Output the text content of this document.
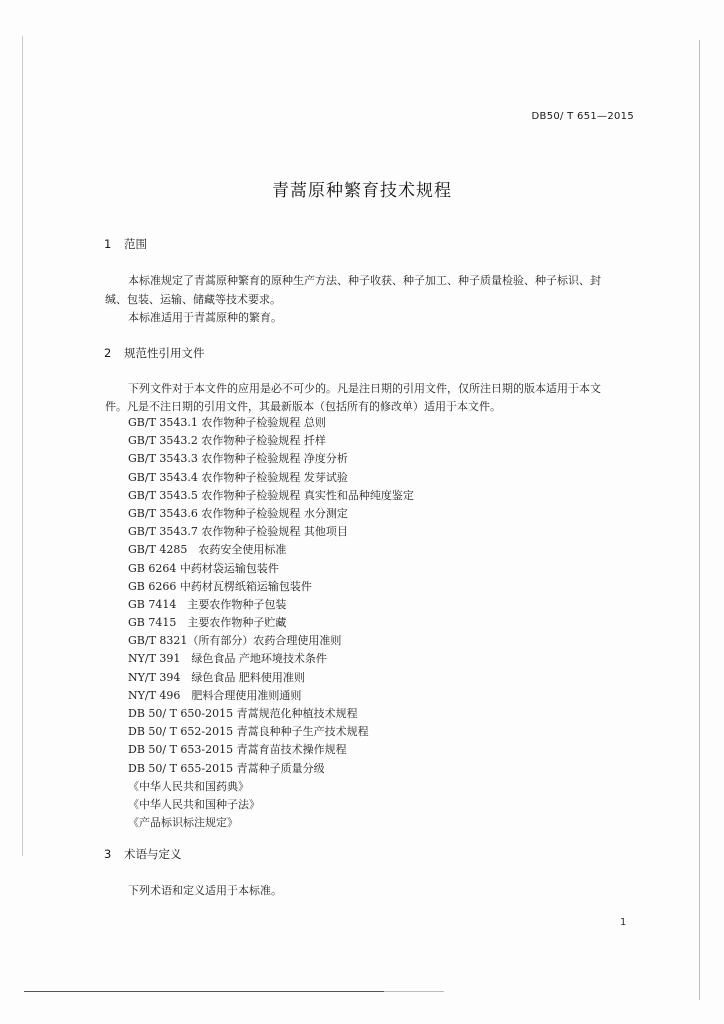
DB50/ T 651—2015
青蒿原种繁育技术规程
1 范围
本标准规定了青蒿原种繁育的原种生产方法、种子收获、种子加工、种子质量检验、种子标识、封
缄、包装、运输、储藏等技术要求。
本标准适用于青蒿原种的繁育。
2 规范性引用文件
下列文件对于本文件的应用是必不可少的。凡是注日期的引用文件，仅所注日期的版本适用于本文
件。凡是不注日期的引用文件，其最新版本（包括所有的修改单）适用于本文件。
GB/T 3543.1 农作物种子检验规程 总则
GB/T 3543.2 农作物种子检验规程 扦样
GB/T 3543.3 农作物种子检验规程 净度分析
GB/T 3543.4 农作物种子检验规程 发芽试验
GB/T 3543.5 农作物种子检验规程 真实性和品种纯度鉴定
GB/T 3543.6 农作物种子检验规程 水分测定
GB/T 3543.7 农作物种子检验规程 其他项目
GB/T 4285　农药安全使用标准
GB 6264 中药材袋运输包装件
GB 6266 中药材瓦楞纸箱运输包装件
GB 7414　主要农作物种子包装
GB 7415　主要农作物种子贮藏
GB/T 8321（所有部分）农药合理使用准则
NY/T 391　绿色食品 产地环境技术条件
NY/T 394　绿色食品 肥料使用准则
NY/T 496　肥料合理使用准则通则
DB 50/ T 650-2015 青蒿规范化种植技术规程
DB 50/ T 652-2015 青蒿良种种子生产技术规程
DB 50/ T 653-2015 青蒿育苗技术操作规程
DB 50/ T 655-2015 青蒿种子质量分级
《中华人民共和国药典》
《中华人民共和国种子法》
《产品标识标注规定》
3 术语与定义
下列术语和定义适用于本标准。
1
